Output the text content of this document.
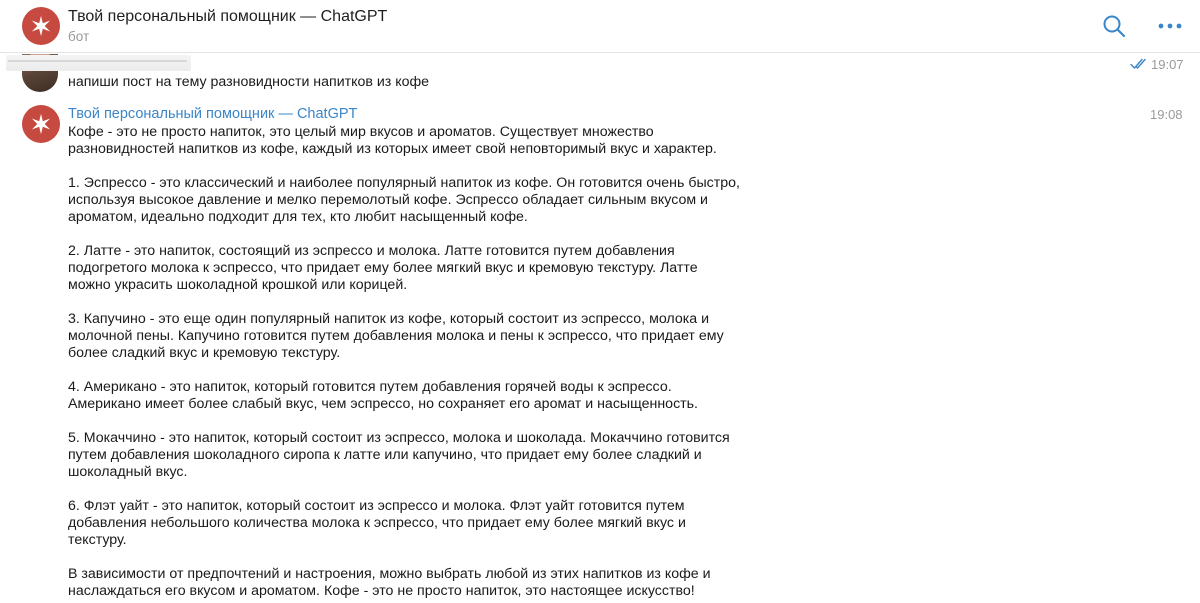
Твой персональный помощник — ChatGPT
бот
напиши пост на тему разновидности напитков из кофе
19:07
Твой персональный помощник — ChatGPT	19:08

Кофе - это не просто напиток, это целый мир вкусов и ароматов. Существует множество
разновидностей напитков из кофе, каждый из которых имеет свой неповторимый вкус и характер.

1. Эспрессо - это классический и наиболее популярный напиток из кофе. Он готовится очень быстро,
используя высокое давление и мелко перемолотый кофе. Эспрессо обладает сильным вкусом и
ароматом, идеально подходит для тех, кто любит насыщенный кофе.

2. Латте - это напиток, состоящий из эспрессо и молока. Латте готовится путем добавления
подогретого молока к эспрессо, что придает ему более мягкий вкус и кремовую текстуру. Латте
можно украсить шоколадной крошкой или корицей.

3. Капучино - это еще один популярный напиток из кофе, который состоит из эспрессо, молока и
молочной пены. Капучино готовится путем добавления молока и пены к эспрессо, что придает ему
более сладкий вкус и кремовую текстуру.

4. Американо - это напиток, который готовится путем добавления горячей воды к эспрессо.
Американо имеет более слабый вкус, чем эспрессо, но сохраняет его аромат и насыщенность.

5. Мокаччино - это напиток, который состоит из эспрессо, молока и шоколада. Мокаччино готовится
путем добавления шоколадного сиропа к латте или капучино, что придает ему более сладкий и
шоколадный вкус.

6. Флэт уайт - это напиток, который состоит из эспрессо и молока. Флэт уайт готовится путем
добавления небольшого количества молока к эспрессо, что придает ему более мягкий вкус и
текстуру.

В зависимости от предпочтений и настроения, можно выбрать любой из этих напитков из кофе и
наслаждаться его вкусом и ароматом. Кофе - это не просто напиток, это настоящее искусство!
